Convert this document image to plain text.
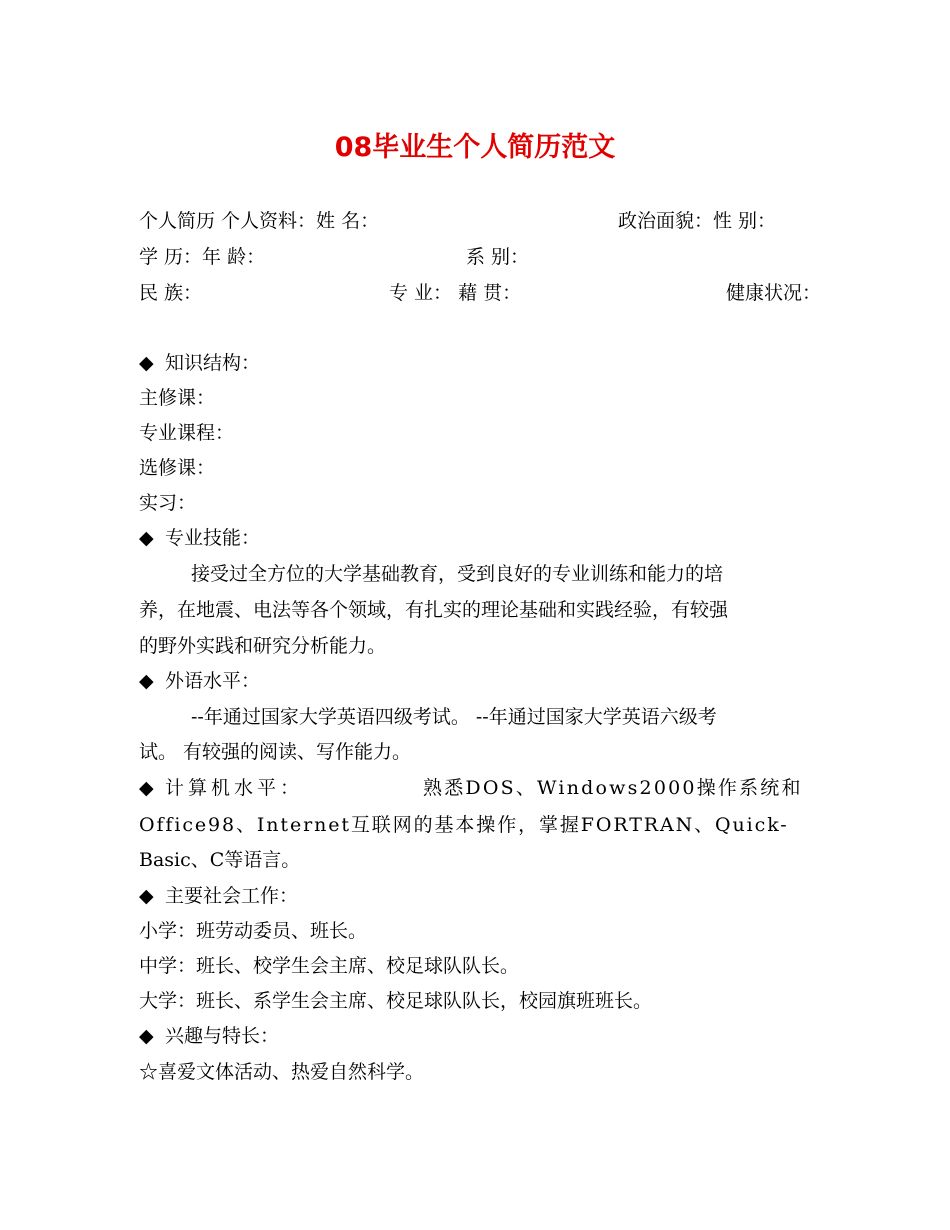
08毕业生个人简历范文
个人简历 个人资料：姓 名：	政治面貌：性 别：
学 历：年 龄：	系 别：
民 族：	专 业： 藉 贯：	健康状况：
◆ 知识结构：
主修课：
专业课程：
选修课：
实习：
◆ 专业技能：
接受过全方位的大学基础教育，受到良好的专业训练和能力的培
养，在地震、电法等各个领域，有扎实的理论基础和实践经验，有较强
的野外实践和研究分析能力。
◆ 外语水平：
--年通过国家大学英语四级考试。 --年通过国家大学英语六级考
试。 有较强的阅读、写作能力。
◆ 计算机水平：	熟悉DOS、Windows2000操作系统和
Office98、Internet互联网的基本操作，掌握FORTRAN、Quick-
Basic、C等语言。
◆ 主要社会工作：
小学：班劳动委员、班长。
中学：班长、校学生会主席、校足球队队长。
大学：班长、系学生会主席、校足球队队长，校园旗班班长。
◆ 兴趣与特长：
☆喜爱文体活动、热爱自然科学。
